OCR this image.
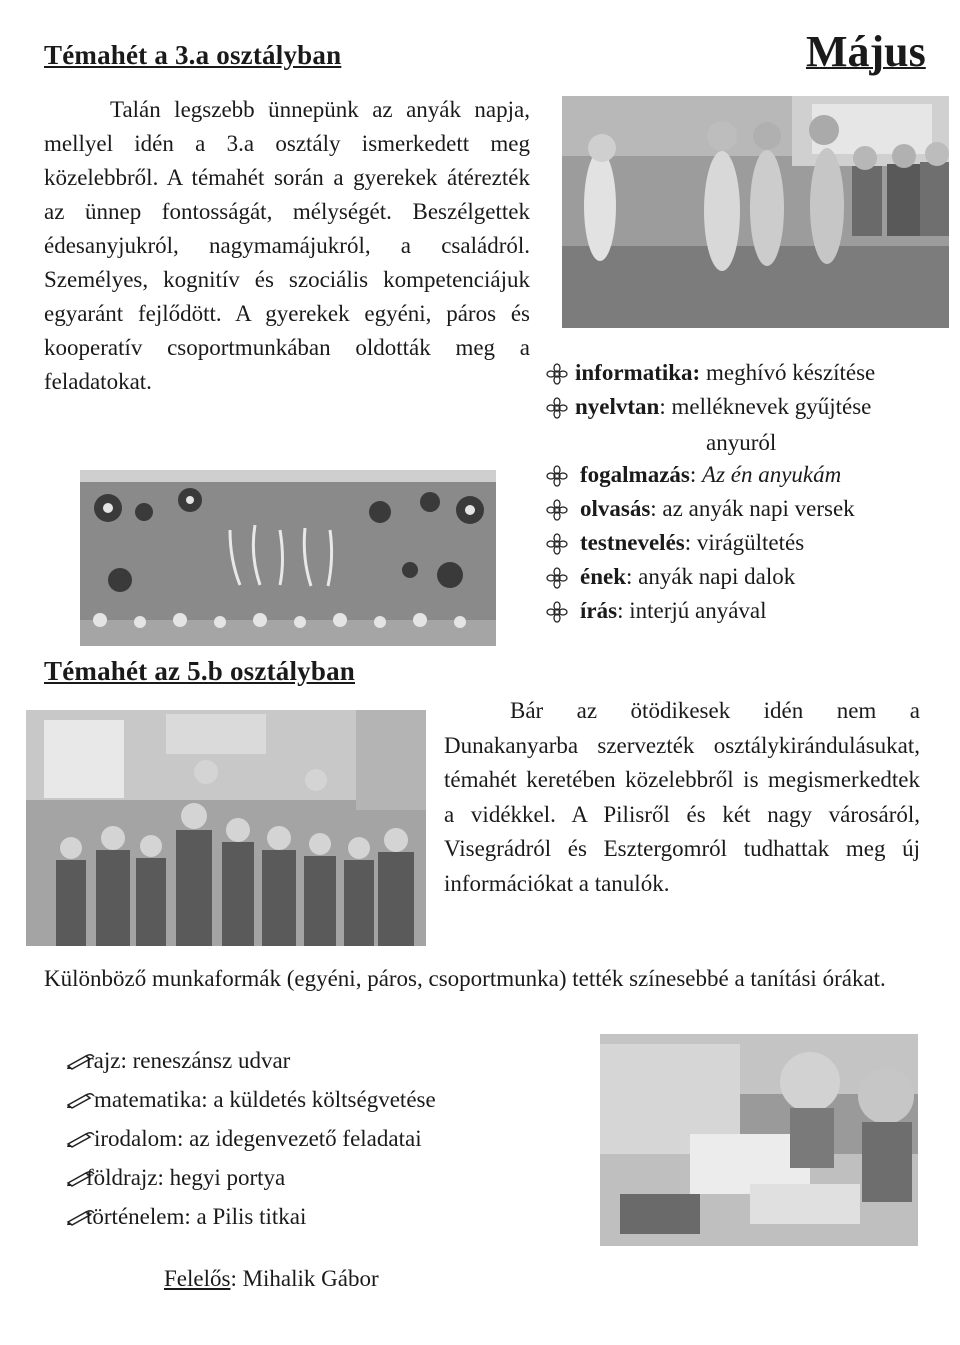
Témahét a 3.a osztályban	Május
Talán legszebb ünnepünk az anyák napja, mellyel idén a 3.a osztály ismerkedett meg közelebbről. A témahét során a gyerekek átérezték az ünnep fontosságát, mélységét. Beszélgettek édesanyjukról, nagymamájukról, a családról. Személyes, kognitív és szociális kompetenciájuk egyaránt fejlődött. A gyerekek egyéni, páros és kooperatív csoportmunkában oldották meg a feladatokat.	informatika: meghívó készítése
nyelvtan: melléknevek gyűjtése
fogalmazás: Az én anyukám
olvasás: az anyák napi versek
testnevelés: virágültetés
ének: anyák napi dalok
írás: interjú anyával
anyuról
Témahét az 5.b osztályban
Bár az ötödikesek idén nem a Dunakanyarba szervezték osztálykirándulásukat, témahét keretében közelebbről is megismerkedtek a vidékkel. A Pilisről és két nagy városáról, Visegrádról és Esztergomról tudhattak meg új információkat a tanulók.
Különböző munkaformák (egyéni, páros, csoportmunka) tették színesebbé a tanítási órákat.
rajz: reneszánsz udvar
matematika: a küldetés költségvetése
irodalom: az idegenvezető feladatai
földrajz: hegyi portya
történelem: a Pilis titkai
Felelős: Mihalik Gábor
